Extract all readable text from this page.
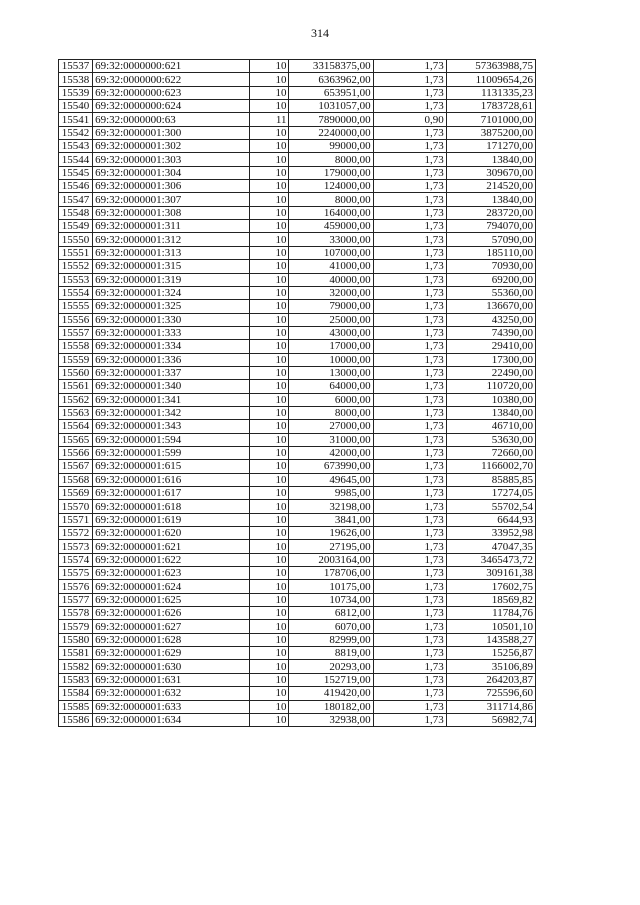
314
15537	69:32:0000000:621	10	33158375,00	1,73	57363988,75
15538	69:32:0000000:622	10	6363962,00	1,73	11009654,26
15539	69:32:0000000:623	10	653951,00	1,73	1131335,23
15540	69:32:0000000:624	10	1031057,00	1,73	1783728,61
15541	69:32:0000000:63	11	7890000,00	0,90	7101000,00
15542	69:32:0000001:300	10	2240000,00	1,73	3875200,00
15543	69:32:0000001:302	10	99000,00	1,73	171270,00
15544	69:32:0000001:303	10	8000,00	1,73	13840,00
15545	69:32:0000001:304	10	179000,00	1,73	309670,00
15546	69:32:0000001:306	10	124000,00	1,73	214520,00
15547	69:32:0000001:307	10	8000,00	1,73	13840,00
15548	69:32:0000001:308	10	164000,00	1,73	283720,00
15549	69:32:0000001:311	10	459000,00	1,73	794070,00
15550	69:32:0000001:312	10	33000,00	1,73	57090,00
15551	69:32:0000001:313	10	107000,00	1,73	185110,00
15552	69:32:0000001:315	10	41000,00	1,73	70930,00
15553	69:32:0000001:319	10	40000,00	1,73	69200,00
15554	69:32:0000001:324	10	32000,00	1,73	55360,00
15555	69:32:0000001:325	10	79000,00	1,73	136670,00
15556	69:32:0000001:330	10	25000,00	1,73	43250,00
15557	69:32:0000001:333	10	43000,00	1,73	74390,00
15558	69:32:0000001:334	10	17000,00	1,73	29410,00
15559	69:32:0000001:336	10	10000,00	1,73	17300,00
15560	69:32:0000001:337	10	13000,00	1,73	22490,00
15561	69:32:0000001:340	10	64000,00	1,73	110720,00
15562	69:32:0000001:341	10	6000,00	1,73	10380,00
15563	69:32:0000001:342	10	8000,00	1,73	13840,00
15564	69:32:0000001:343	10	27000,00	1,73	46710,00
15565	69:32:0000001:594	10	31000,00	1,73	53630,00
15566	69:32:0000001:599	10	42000,00	1,73	72660,00
15567	69:32:0000001:615	10	673990,00	1,73	1166002,70
15568	69:32:0000001:616	10	49645,00	1,73	85885,85
15569	69:32:0000001:617	10	9985,00	1,73	17274,05
15570	69:32:0000001:618	10	32198,00	1,73	55702,54
15571	69:32:0000001:619	10	3841,00	1,73	6644,93
15572	69:32:0000001:620	10	19626,00	1,73	33952,98
15573	69:32:0000001:621	10	27195,00	1,73	47047,35
15574	69:32:0000001:622	10	2003164,00	1,73	3465473,72
15575	69:32:0000001:623	10	178706,00	1,73	309161,38
15576	69:32:0000001:624	10	10175,00	1,73	17602,75
15577	69:32:0000001:625	10	10734,00	1,73	18569,82
15578	69:32:0000001:626	10	6812,00	1,73	11784,76
15579	69:32:0000001:627	10	6070,00	1,73	10501,10
15580	69:32:0000001:628	10	82999,00	1,73	143588,27
15581	69:32:0000001:629	10	8819,00	1,73	15256,87
15582	69:32:0000001:630	10	20293,00	1,73	35106,89
15583	69:32:0000001:631	10	152719,00	1,73	264203,87
15584	69:32:0000001:632	10	419420,00	1,73	725596,60
15585	69:32:0000001:633	10	180182,00	1,73	311714,86
15586	69:32:0000001:634	10	32938,00	1,73	56982,74
